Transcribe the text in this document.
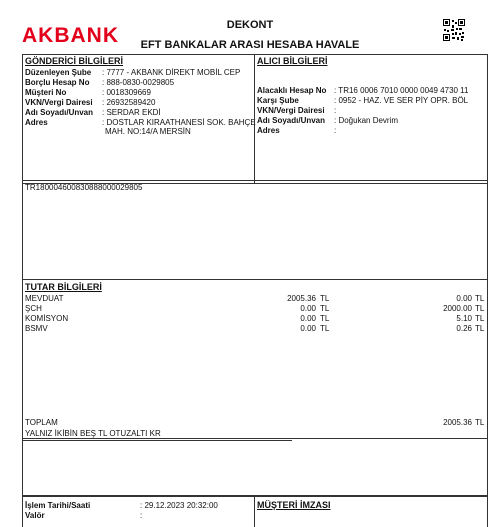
AKBANK	DEKONT
EFT BANKALAR ARASI HESABA HAVALE
GÖNDERİCİ BİLGİLERİ
Düzenleyen Şube : 7777 - AKBANK DİREKT MOBİL CEP
Borçlu Hesap No : 888-0830-0029805
Müşteri No	: 0018309669
VKN/Vergi Dairesi : 26932589420
Adı Soyadı/Unvan : SERDAR EKDİ
Adres	: DOSTLAR KIRAATHANESİ SOK. BAHÇE
MAH. NO:14/A MERSİN
ALICI BİLGİLERİ
Alacaklı Hesap No : TR16 0006 7010 0000 0049 4730 11
Karşı Şube	: 0952 - HAZ. VE SER PİY OPR. BÖL
VKN/Vergi Dairesi :
Adı Soyadı/Unvan : Doğukan Devrim
Adres	:
TR180004600830888000029805
TUTAR BİLGİLERİ
MEVDUAT	2005.36 TL	0.00 TL
ŞCH	0.00 TL	2000.00 TL
KOMİSYON	0.00 TL	5.10 TL
BSMV	0.00 TL	0.26 TL
TOPLAM	2005.36 TL
YALNIZ İKİBİN BEŞ TL OTUZALTI KR
İşlem Tarihi/Saati	: 29.12.2023 20:32:00
Valör	:
MÜŞTERİ İMZASI
